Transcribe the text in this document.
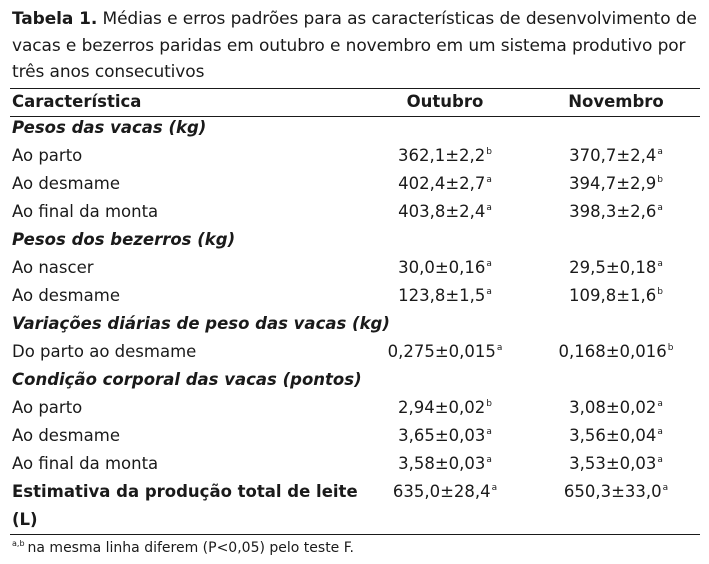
Tabela 1. Médias e erros padrões para as características de desenvolvimento de vacas e bezerros paridas em outubro e novembro em um sistema produtivo por três anos consecutivos
Característica	Outubro	Novembro
Pesos das vacas (kg)
Ao parto	362,1±2,2$^b$	370,7±2,4$^a$
Ao desmame	402,4±2,7$^a$	394,7±2,9$^b$
Ao final da monta	403,8±2,4$^a$	398,3±2,6$^a$
Pesos dos bezerros (kg)
Ao nascer	30,0±0,16$^a$	29,5±0,18$^a$
Ao desmame	123,8±1,5$^a$	109,8±1,6$^b$
Variações diárias de peso das vacas (kg)
Do parto ao desmame	0,275±0,015$^a$	0,168±0,016$^b$
Condição corporal das vacas (pontos)
Ao parto	2,94±0,02$^b$	3,08±0,02$^a$
Ao desmame	3,65±0,03$^a$	3,56±0,04$^a$
Ao final da monta	3,58±0,03$^a$	3,53±0,03$^a$
Estimativa da produção total de leite	635,0±28,4$^a$	650,3±33,0$^a$
(L)
$^{a,b}$ na mesma linha diferem (P<0,05) pelo teste F.
